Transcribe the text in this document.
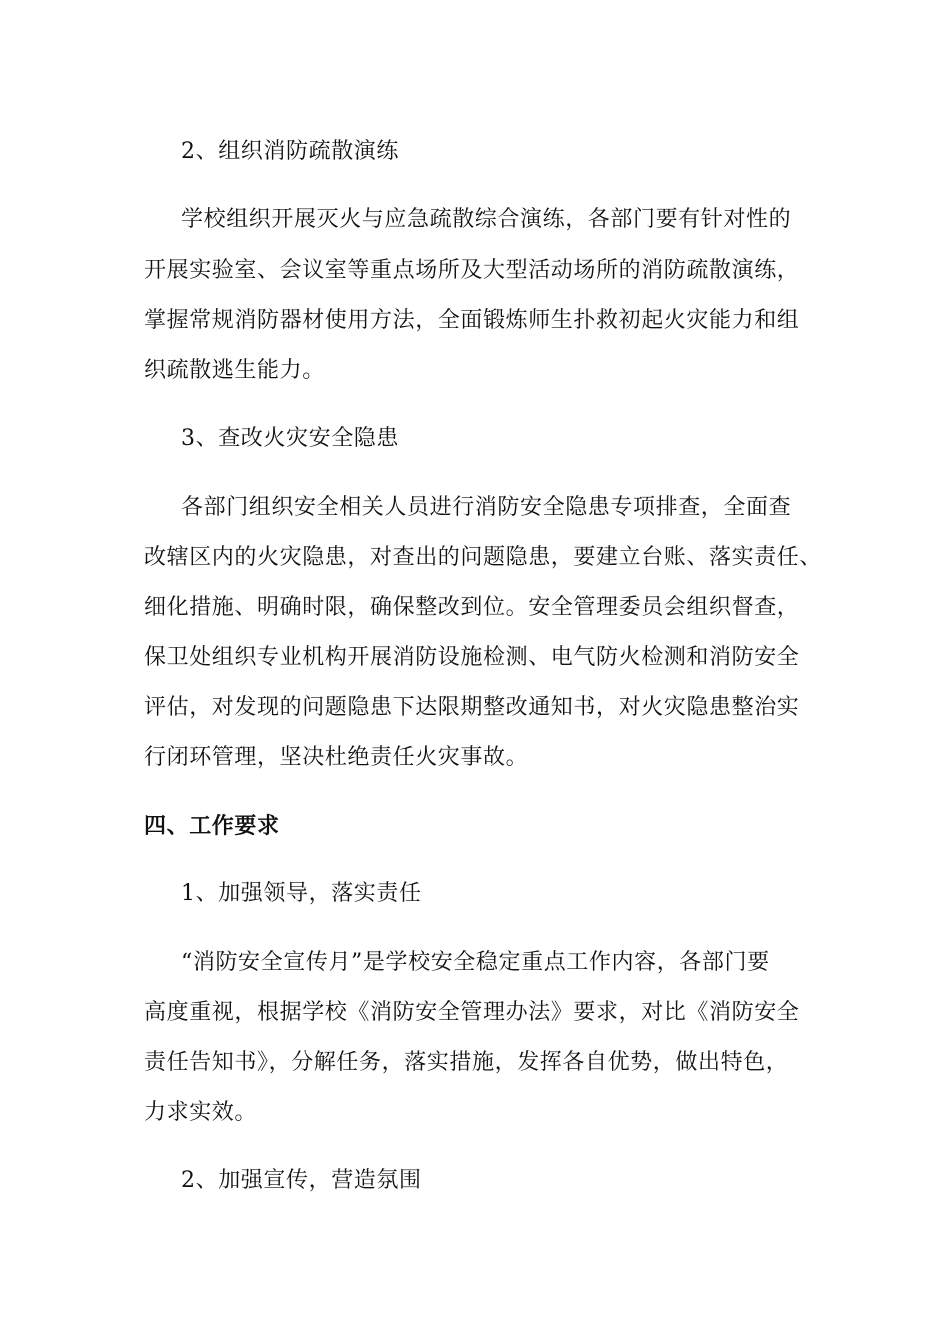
2、组织消防疏散演练
学校组织开展灭火与应急疏散综合演练，各部门要有针对性的
开展实验室、会议室等重点场所及大型活动场所的消防疏散演练，
掌握常规消防器材使用方法，全面锻炼师生扑救初起火灾能力和组
织疏散逃生能力。
3、查改火灾安全隐患
各部门组织安全相关人员进行消防安全隐患专项排查，全面查
改辖区内的火灾隐患，对查出的问题隐患，要建立台账、落实责任、
细化措施、明确时限，确保整改到位。安全管理委员会组织督查，
保卫处组织专业机构开展消防设施检测、电气防火检测和消防安全
评估，对发现的问题隐患下达限期整改通知书，对火灾隐患整治实
行闭环管理，坚决杜绝责任火灾事故。
四、工作要求
1、加强领导，落实责任
“消防安全宣传月”是学校安全稳定重点工作内容，各部门要
高度重视，根据学校《消防安全管理办法》要求，对比《消防安全
责任告知书》，分解任务，落实措施，发挥各自优势，做出特色，
力求实效。
2、加强宣传，营造氛围
